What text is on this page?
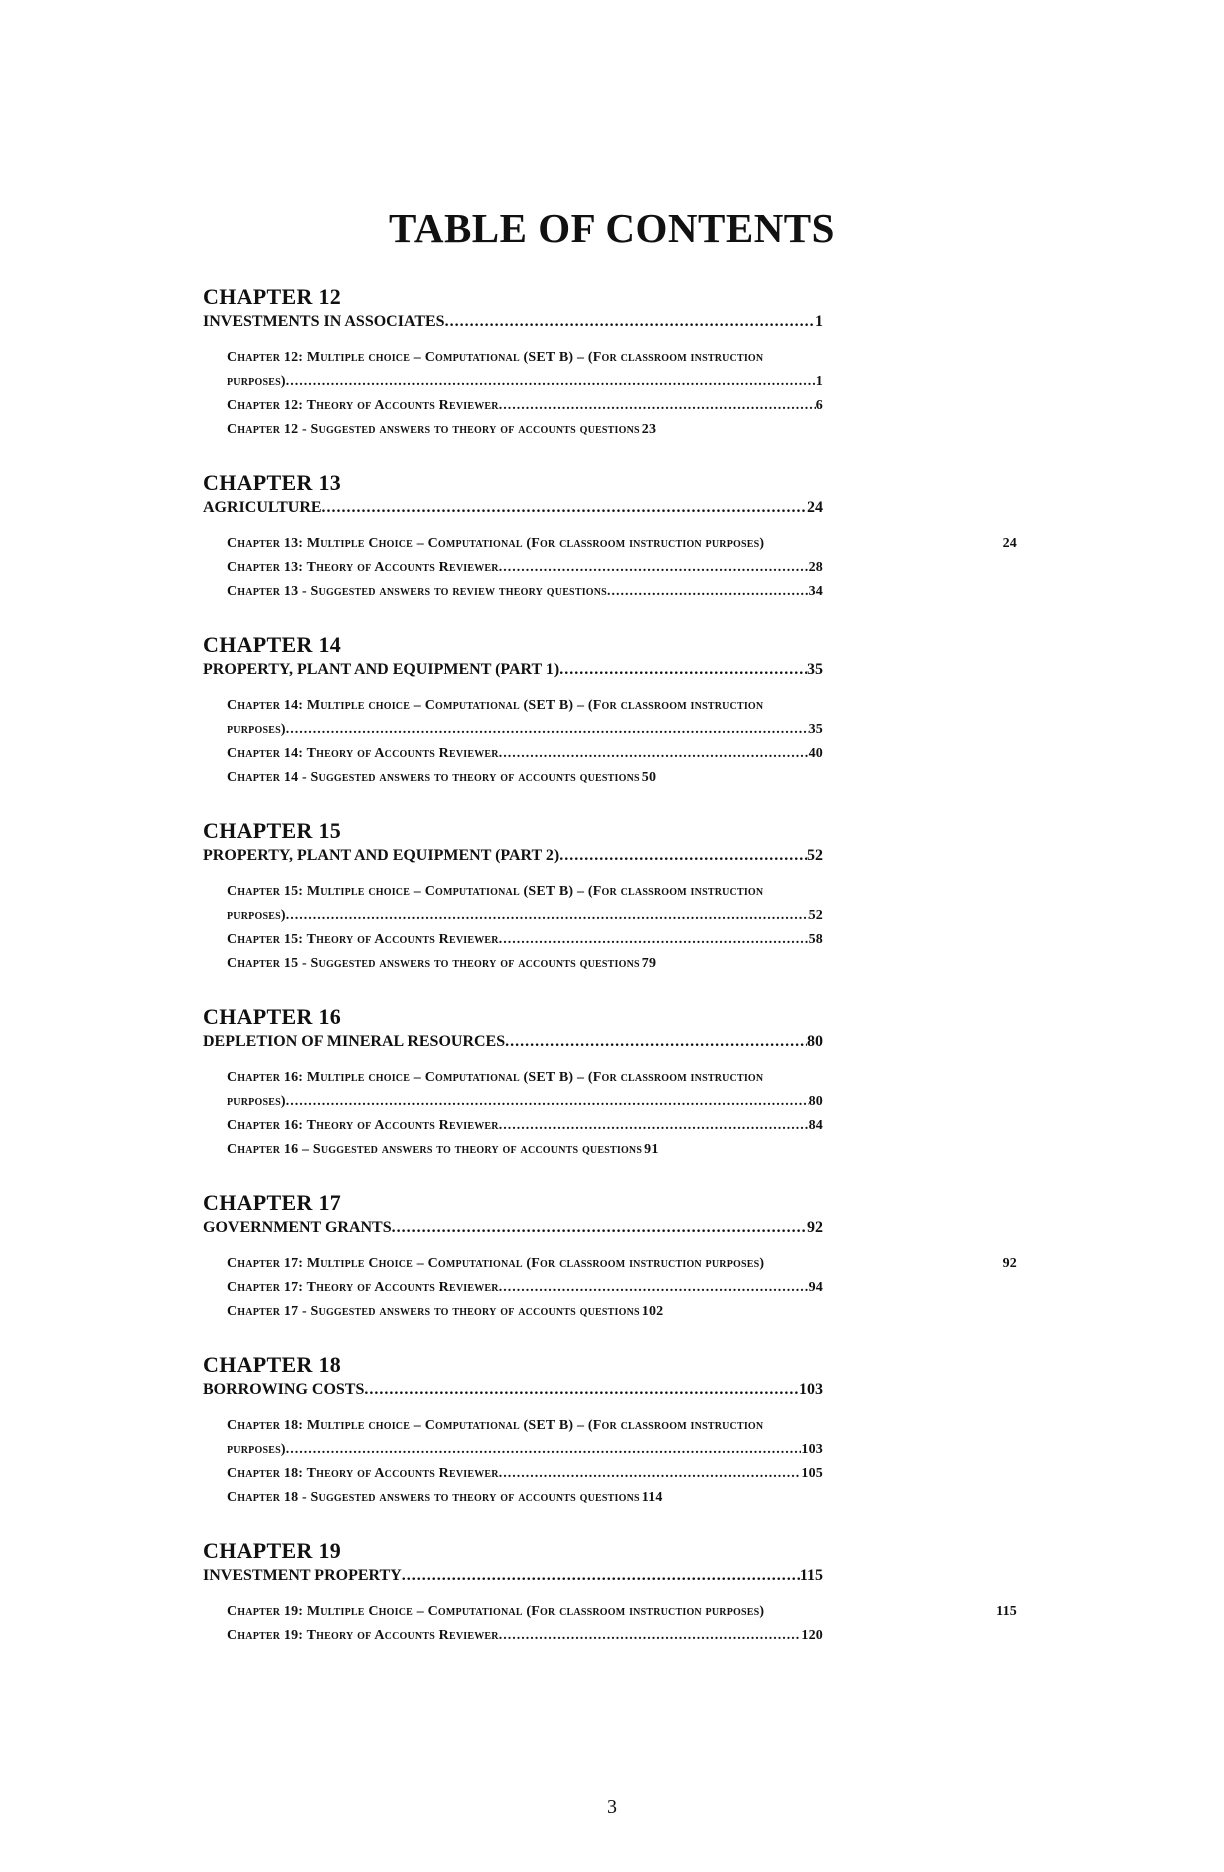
TABLE OF CONTENTS
CHAPTER 12
INVESTMENTS IN ASSOCIATES .....	1
Chapter 12: Multiple choice – Computational (SET B) – (For classroom instruction
purposes) .....	1
Chapter 12: Theory of Accounts Reviewer .....	6
Chapter 12 - Suggested answers to theory of accounts questions 23
CHAPTER 13
AGRICULTURE .....	24
Chapter 13: Multiple Choice – Computational (For classroom instruction purposes)	24
Chapter 13: Theory of Accounts Reviewer .....	28
Chapter 13 - Suggested answers to review theory questions .....	34
CHAPTER 14
PROPERTY, PLANT AND EQUIPMENT (PART 1) .....	35
Chapter 14: Multiple choice – Computational (SET B) – (For classroom instruction
purposes) .....	35
Chapter 14: Theory of Accounts Reviewer .....	40
Chapter 14 - Suggested answers to theory of accounts questions 50
CHAPTER 15
PROPERTY, PLANT AND EQUIPMENT (PART 2) .....	52
Chapter 15: Multiple choice – Computational (SET B) – (For classroom instruction
purposes) .....	52
Chapter 15: Theory of Accounts Reviewer .....	58
Chapter 15 - Suggested answers to theory of accounts questions 79
CHAPTER 16
DEPLETION OF MINERAL RESOURCES .....	80
Chapter 16: Multiple choice – Computational (SET B) – (For classroom instruction
purposes) .....	80
Chapter 16: Theory of Accounts Reviewer .....	84
Chapter 16 – Suggested answers to theory of accounts questions 91
CHAPTER 17
GOVERNMENT GRANTS .....	92
Chapter 17: Multiple Choice – Computational (For classroom instruction purposes)	92
Chapter 17: Theory of Accounts Reviewer .....	94
Chapter 17 - Suggested answers to theory of accounts questions 102
CHAPTER 18
BORROWING COSTS .....	103
Chapter 18: Multiple choice – Computational (SET B) – (For classroom instruction
purposes) .....	103
Chapter 18: Theory of Accounts Reviewer .....	105
Chapter 18 - Suggested answers to theory of accounts questions 114
CHAPTER 19
INVESTMENT PROPERTY .....	115
Chapter 19: Multiple Choice – Computational (For classroom instruction purposes)	115
Chapter 19: Theory of Accounts Reviewer .....	120
3
